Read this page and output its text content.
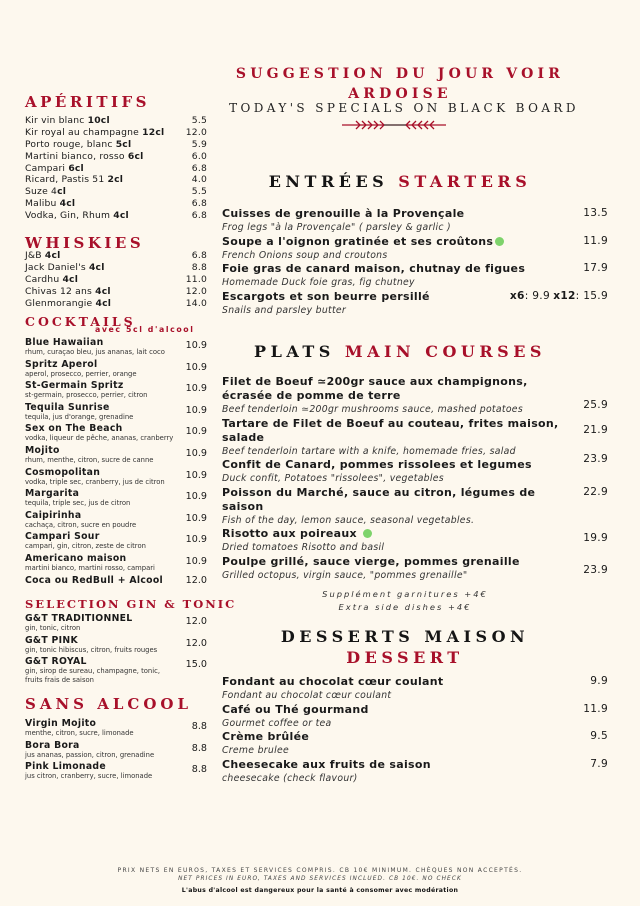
APÉRITIFS
Kir vin blanc 10cl	5.5
Kir royal au champagne 12cl	12.0
Porto rouge, blanc 5cl	5.9
Martini bianco, rosso 6cl	6.0
Campari 6cl	6.8
Ricard, Pastis 51 2cl	4.0
Suze 4cl	5.5
Malibu 4cl	6.8
Vodka, Gin, Rhum 4cl	6.8
WHISKIES
J&B 4cl	6.8
Jack Daniel's 4cl	8.8
Cardhu 4cl	11.0
Chivas 12 ans 4cl	12.0
Glenmorangie 4cl	14.0
COCKTAILS
avec 5cl d'alcool
Blue Hawaiian
rhum, curaçao bleu, jus ananas, lait coco
10.9
Spritz Aperol
aperol, prosecco, perrier, orange
10.9
St-Germain Spritz
st-germain, prosecco, perrier, citron
10.9
Tequila Sunrise
tequila, jus d'orange, grenadine
10.9
Sex on The Beach
vodka, liqueur de pêche, ananas, cranberry
10.9
Mojito
rhum, menthe, citron, sucre de canne
10.9
Cosmopolitan
vodka, triple sec, cranberry, jus de citron
10.9
Margarita
tequila, triple sec, jus de citron
10.9
Caipirinha
cachaça, citron, sucre en poudre
10.9
Campari Sour
campari, gin, citron, zeste de citron
10.9
Americano maison
martini bianco, martini rosso, campari
10.9
Coca ou RedBull + Alcool	12.0
SELECTION GIN & TONIC
G&T TRADITIONNEL
gin, tonic, citron
12.0
G&T PINK
gin, tonic hibiscus, citron, fruits rouges
12.0
G&T ROYAL
gin, sirop de sureau, champagne, tonic,
fruits frais de saison
15.0
SANS ALCOOL
Virgin Mojito
menthe, citron, sucre, limonade
8.8
Bora Bora
jus ananas, passion, citron, grenadine
8.8
Pink Limonade
jus citron, cranberry, sucre, limonade
8.8
SUGGESTION DU JOUR VOIR
ARDOISE
TODAY'S SPECIALS ON BLACK BOARD
ENTRÉES STARTERS
Cuisses de grenouille à la Provençale
Frog legs "à la Provençale" ( parsley & garlic )
13.5
Soupe a l'oignon gratinée et ses croûtons
French Onions soup and croutons
11.9
Foie gras de canard maison, chutnay de figues
Homemade Duck foie gras, fig chutney
17.9
Escargots et son beurre persillé
Snails and parsley butter
x6: 9.9 x12: 15.9
PLATS MAIN COURSES
Filet de Boeuf ≃200gr sauce aux champignons, écrasée de pomme de terre
Beef tenderloin ≃200gr mushrooms sauce, mashed potatoes	25.9
Tartare de Filet de Boeuf au couteau, frites maison, salade
Beef tenderloin tartare with a knife, homemade fries, salad
21.9
Confit de Canard, pommes rissolees et legumes
Duck confit, Potatoes "rissolees", vegetables
23.9
Poisson du Marché, sauce au citron, légumes de saison
Fish of the day, lemon sauce, seasonal vegetables.
22.9
Risotto aux poireaux
Dried tomatoes Risotto and basil
19.9
Poulpe grillé, sauce vierge, pommes grenaille
Grilled octopus, virgin sauce, "pommes grenaille"	23.9
Supplément garnitures +4€
Extra side dishes +4€
DESSERTS MAISON
DESSERT
Fondant au chocolat cœur coulant
Fondant au chocolat cœur coulant
9.9
Café ou Thé gourmand
Gourmet coffee or tea
11.9
Crème brûlée
Creme brulee
9.5
Cheesecake aux fruits de saison
cheesecake (check flavour)
7.9
PRIX NETS EN EUROS, TAXES ET SERVICES COMPRIS. CB 10€ MINIMUM. CHÈQUES NON ACCEPTÉS.
NET PRICES IN EURO, TAXES AND SERVICES INCLUED. CB 10€. NO CHECK
L'abus d'alcool est dangereux pour la santé à consomer avec modération
